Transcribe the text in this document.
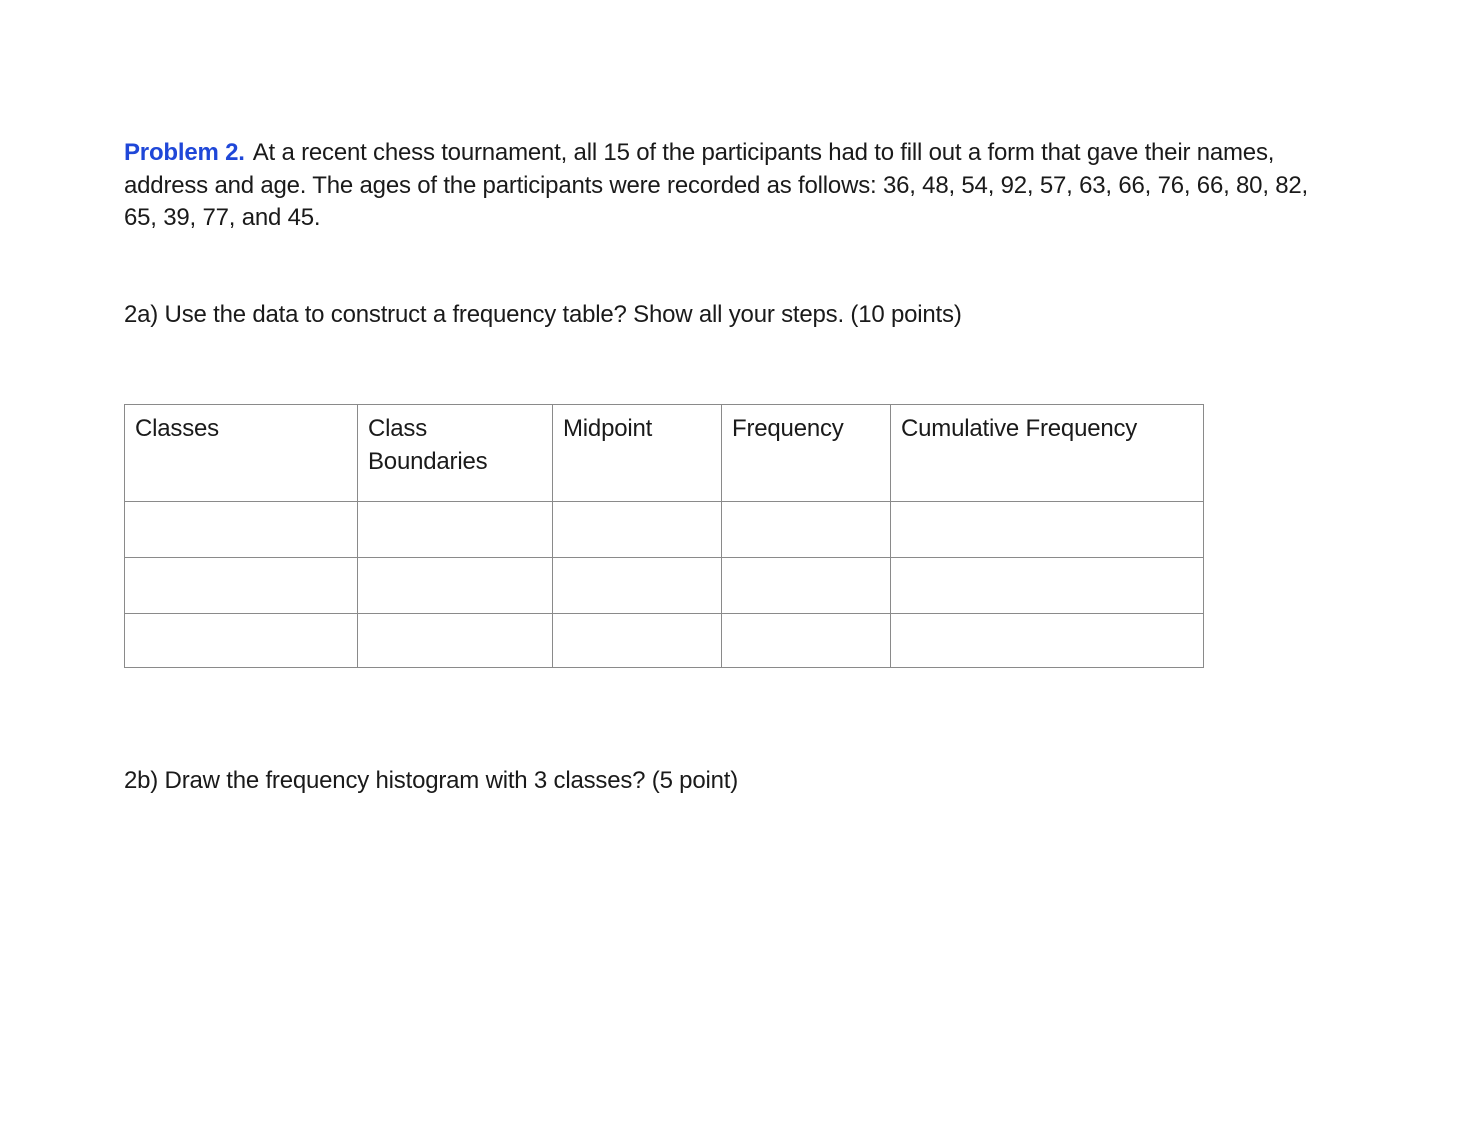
Problem 2. At a recent chess tournament, all 15 of the participants had to fill out a form that gave their names, address and age. The ages of the participants were recorded as follows: 36, 48, 54, 92, 57, 63, 66, 76, 66, 80, 82, 65, 39, 77, and 45.
2a) Use the data to construct a frequency table? Show all your steps. (10 points)
Classes	Class Boundaries	Midpoint	Frequency	Cumulative Frequency

2b) Draw the frequency histogram with 3 classes? (5 point)
